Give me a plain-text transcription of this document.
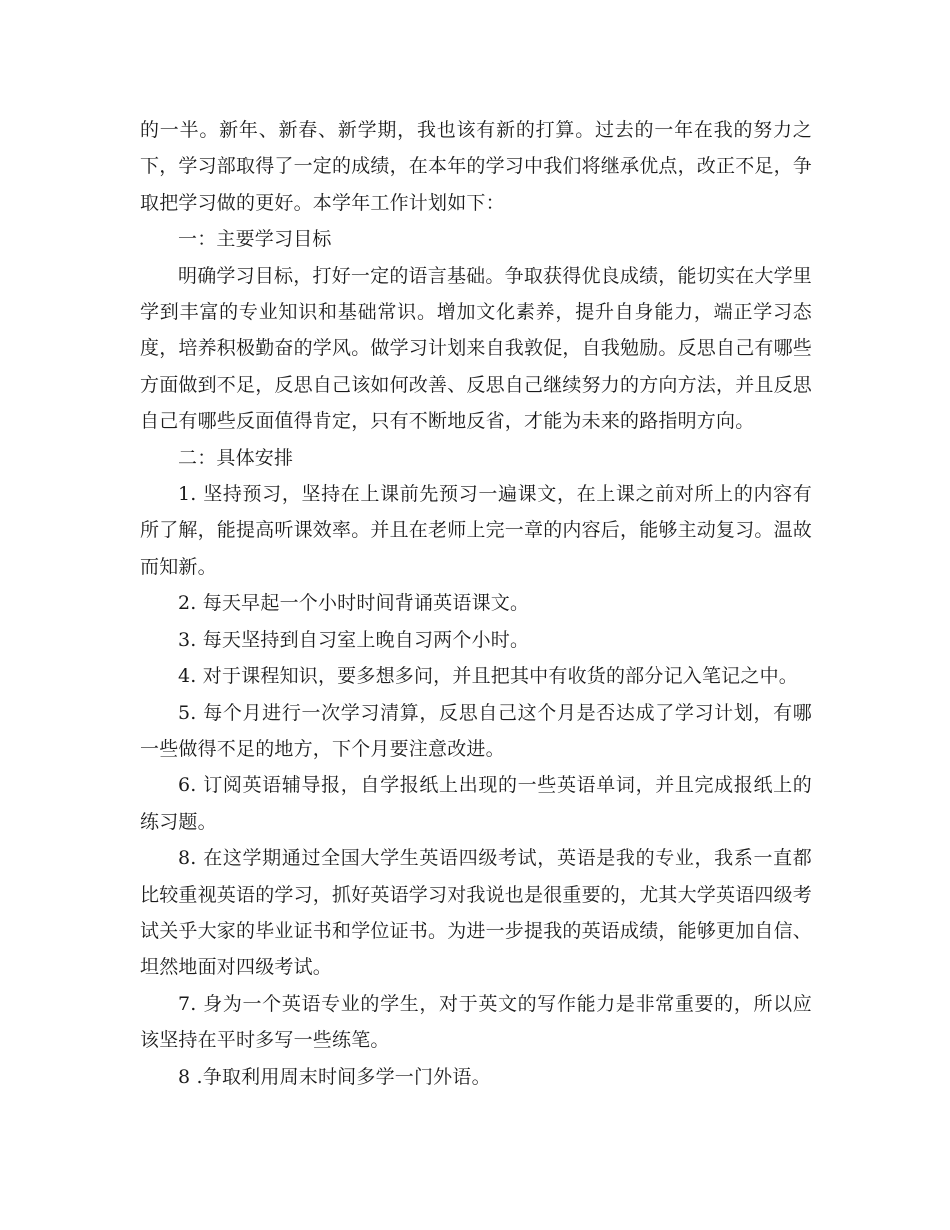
的一半。新年、新春、新学期，我也该有新的打算。过去的一年在我的努力之下，学习部取得了一定的成绩，在本年的学习中我们将继承优点，改正不足，争取把学习做的更好。本学年工作计划如下：

一：主要学习目标

明确学习目标，打好一定的语言基础。争取获得优良成绩，能切实在大学里学到丰富的专业知识和基础常识。增加文化素养，提升自身能力，端正学习态度，培养积极勤奋的学风。做学习计划来自我敦促，自我勉励。反思自己有哪些方面做到不足，反思自己该如何改善、反思自己继续努力的方向方法，并且反思自己有哪些反面值得肯定，只有不断地反省，才能为未来的路指明方向。

二：具体安排

1. 坚持预习，坚持在上课前先预习一遍课文，在上课之前对所上的内容有所了解，能提高听课效率。并且在老师上完一章的内容后，能够主动复习。温故而知新。

2. 每天早起一个小时时间背诵英语课文。

3. 每天坚持到自习室上晚自习两个小时。

4. 对于课程知识，要多想多问，并且把其中有收货的部分记入笔记之中。

5. 每个月进行一次学习清算，反思自己这个月是否达成了学习计划，有哪一些做得不足的地方，下个月要注意改进。

6. 订阅英语辅导报，自学报纸上出现的一些英语单词，并且完成报纸上的练习题。

8. 在这学期通过全国大学生英语四级考试，英语是我的专业，我系一直都比较重视英语的学习，抓好英语学习对我说也是很重要的，尤其大学英语四级考试关乎大家的毕业证书和学位证书。为进一步提我的英语成绩，能够更加自信、坦然地面对四级考试。

7. 身为一个英语专业的学生，对于英文的写作能力是非常重要的，所以应该坚持在平时多写一些练笔。

8 .争取利用周末时间多学一门外语。
